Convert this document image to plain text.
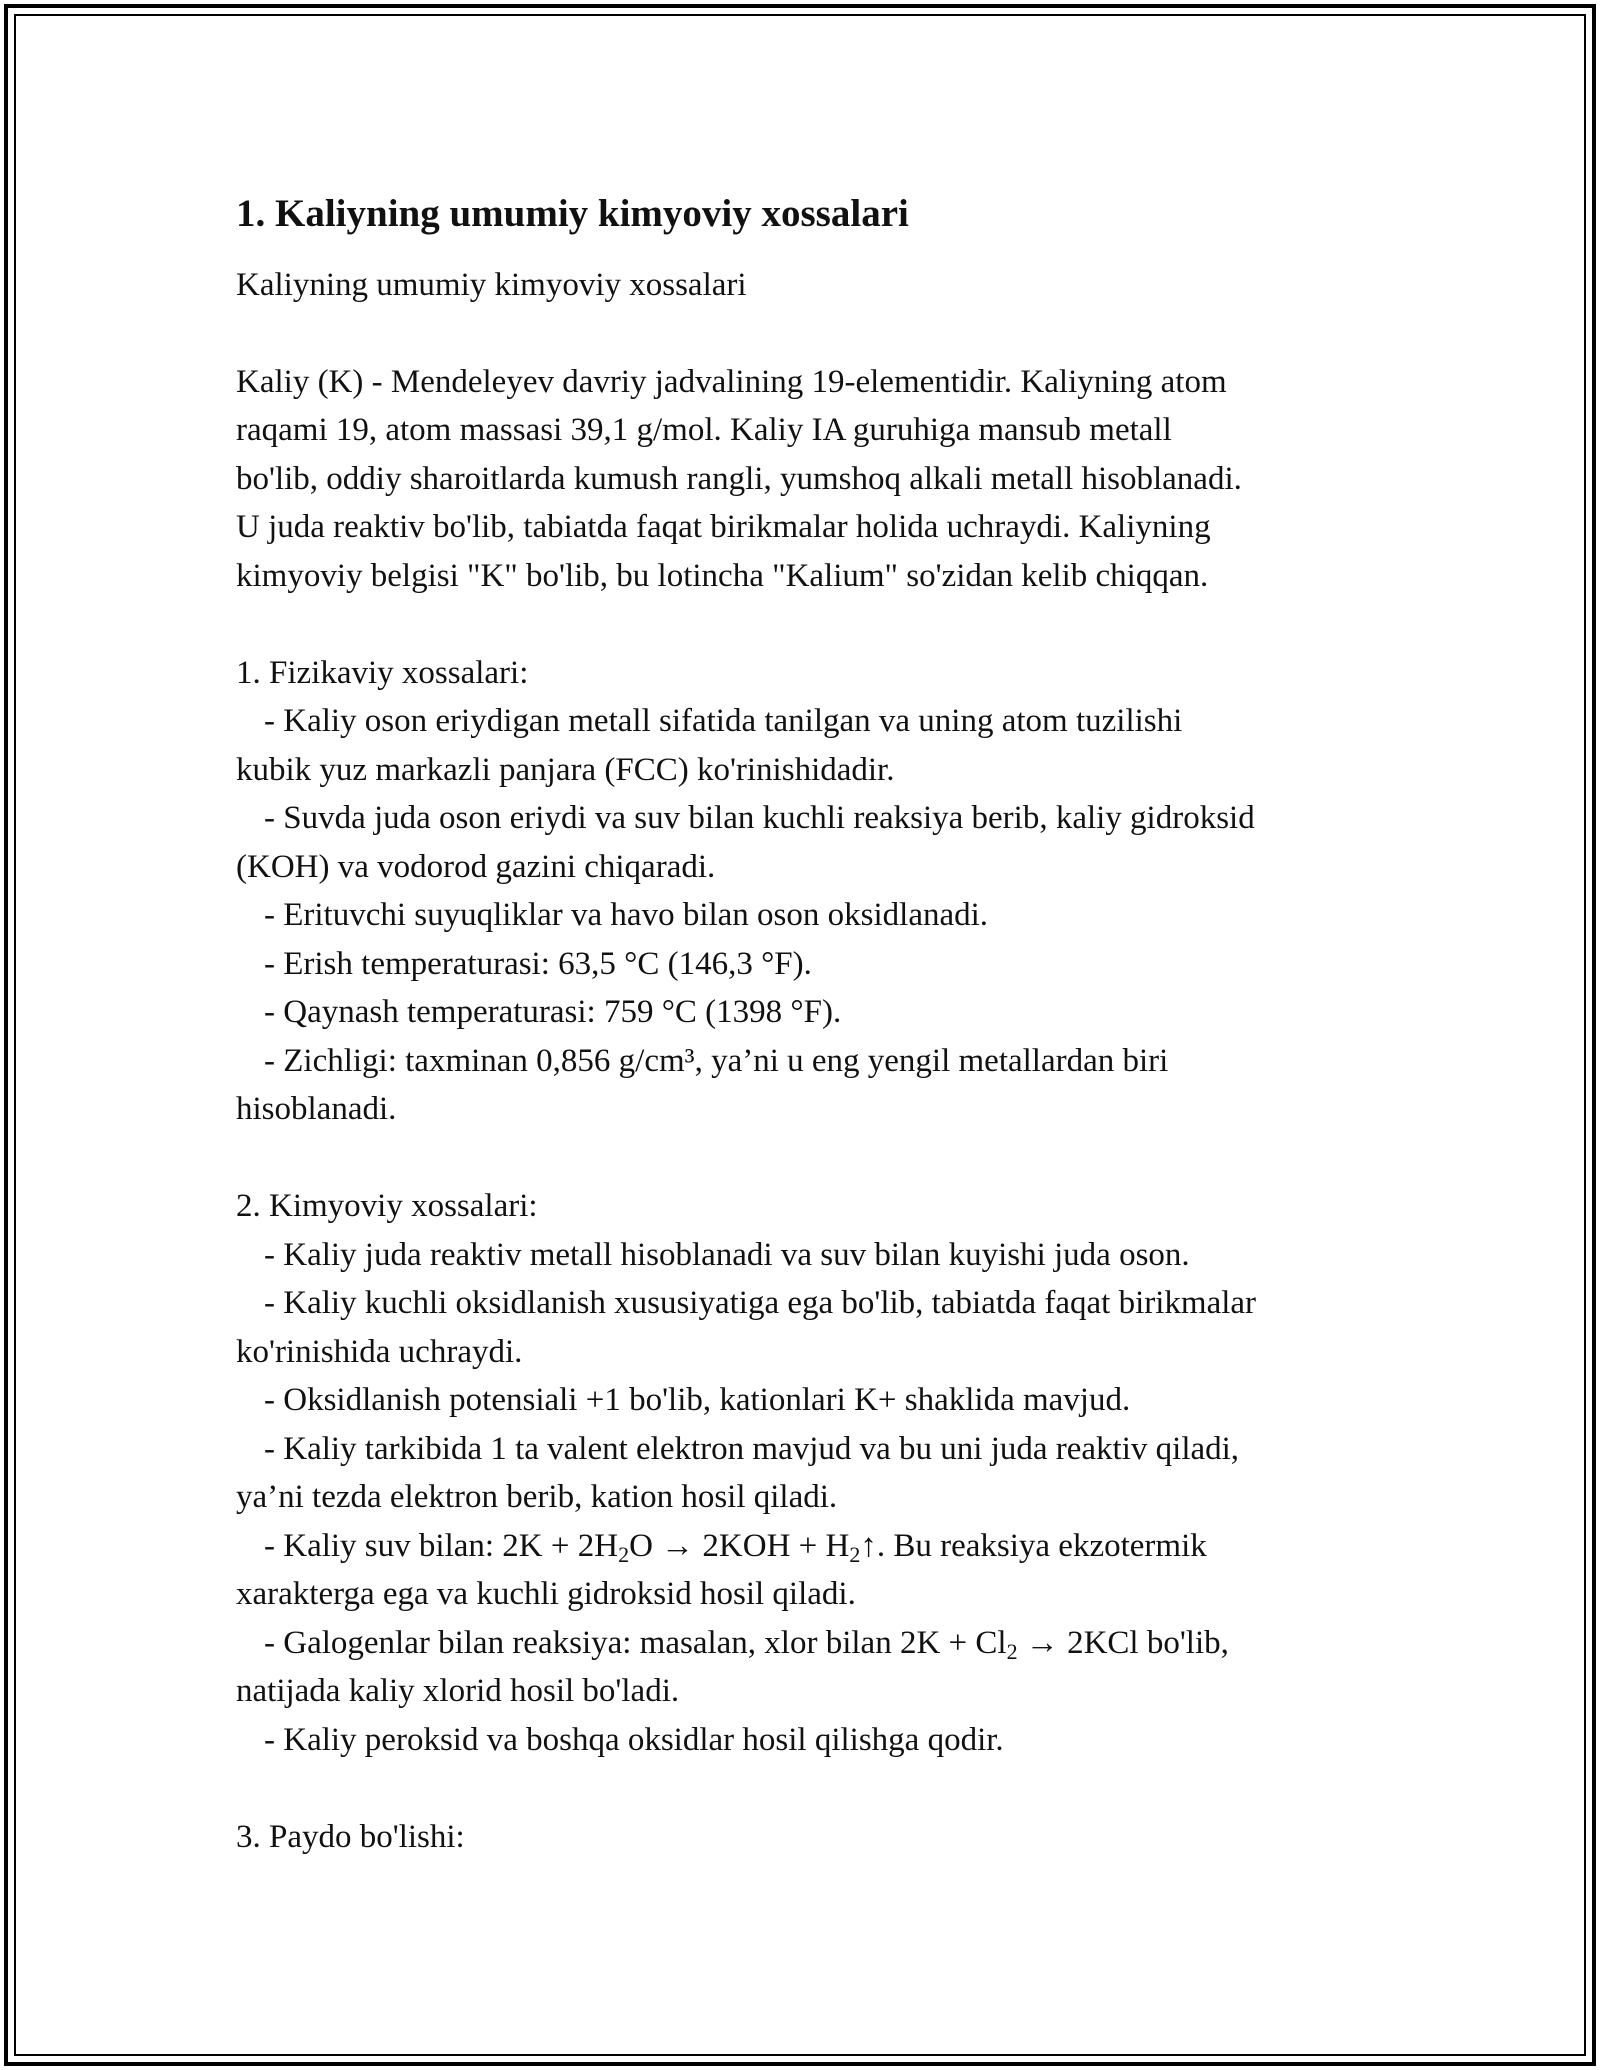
1. Kaliyning umumiy kimyoviy xossalari
Kaliyning umumiy kimyoviy xossalari
Kaliy (K) - Mendeleyev davriy jadvalining 19-elementidir. Kaliyning atom
raqami 19, atom massasi 39,1 g/mol. Kaliy IA guruhiga mansub metall
bo'lib, oddiy sharoitlarda kumush rangli, yumshoq alkali metall hisoblanadi.
U juda reaktiv bo'lib, tabiatda faqat birikmalar holida uchraydi. Kaliyning
kimyoviy belgisi "K" bo'lib, bu lotincha "Kalium" so'zidan kelib chiqqan.
1. Fizikaviy xossalari:
- Kaliy oson eriydigan metall sifatida tanilgan va uning atom tuzilishi
kubik yuz markazli panjara (FCC) ko'rinishidadir.
- Suvda juda oson eriydi va suv bilan kuchli reaksiya berib, kaliy gidroksid
(KOH) va vodorod gazini chiqaradi.
- Erituvchi suyuqliklar va havo bilan oson oksidlanadi.
- Erish temperaturasi: 63,5 °C (146,3 °F).
- Qaynash temperaturasi: 759 °C (1398 °F).
- Zichligi: taxminan 0,856 g/cm³, ya’ni u eng yengil metallardan biri
hisoblanadi.
2. Kimyoviy xossalari:
- Kaliy juda reaktiv metall hisoblanadi va suv bilan kuyishi juda oson.
- Kaliy kuchli oksidlanish xususiyatiga ega bo'lib, tabiatda faqat birikmalar
ko'rinishida uchraydi.
- Oksidlanish potensiali +1 bo'lib, kationlari K+ shaklida mavjud.
- Kaliy tarkibida 1 ta valent elektron mavjud va bu uni juda reaktiv qiladi,
ya’ni tezda elektron berib, kation hosil qiladi.
- Kaliy suv bilan: $2K + 2H_2O \to 2KOH$ + $H_2↑$. Bu reaksiya ekzotermik
xarakterga ega va kuchli gidroksid hosil qiladi.
- Galogenlar bilan reaksiya: masalan, xlor bilan $2K + Cl_2 \to 2KCl$ bo'lib,
natijada kaliy xlorid hosil bo'ladi.
- Kaliy peroksid va boshqa oksidlar hosil qilishga qodir.
3. Paydo bo'lishi:
